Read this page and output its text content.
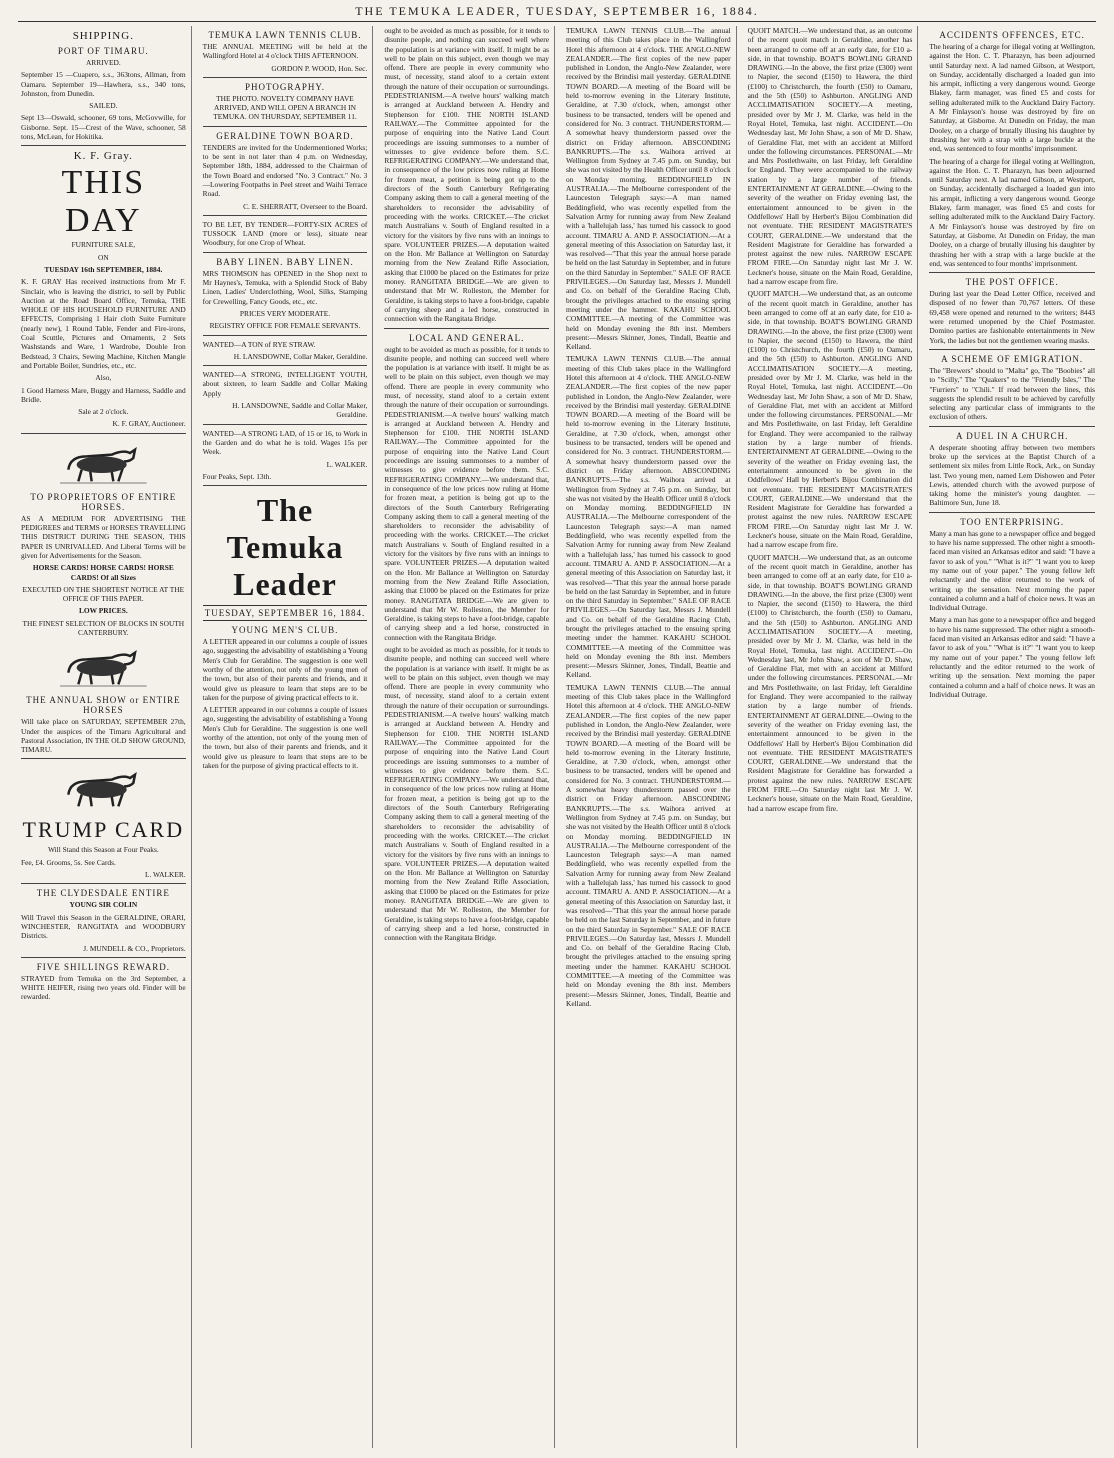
THE TEMUKA LEADER, TUESDAY, SEPTEMBER 16, 1884.
SHIPPING.
PORT OF TIMARU.
ARRIVED.

September 15 —Cuapero, s.s., 363tons, Allman, from Oamaru. September 19—Hawhera, s.s., 340 tons, Johnston, from Dunedin.

SAILED.

Sept 13—Oswald, schooner, 69 tons, McGovwille, for Gisborne. Sept. 15—Crest of the Wave, schooner, 58 tons, McLean, for Hokitika.

K. F. Gray.
THIS DAY
FURNITURE SALE,
ON
TUESDAY 16th SEPTEMBER, 1884.

K. F. GRAY Has received instructions from Mr F. Sinclair, who is leaving the district, to sell by Public Auction at the Road Board Office, Temuka, THE WHOLE OF HIS HOUSEHOLD FURNITURE AND EFFECTS, Comprising 1 Hair cloth Suite Furniture (nearly new), 1 Round Table, Fender and Fire-irons, Coal Scuttle, Pictures and Ornaments, 2 Sets Washstands and Ware, 1 Wardrobe, Double Iron Bedstead, 3 Chairs, Sewing Machine, Kitchen Mangle and Portable Boiler, Sundries, etc., etc.

Also,

1 Good Harness Mare, Buggy and Harness, Saddle and Bridle.

Sale at 2 o'clock.
K. F. GRAY, Auctioneer.
TO PROPRIETORS OF ENTIRE HORSES.

AS A MEDIUM FOR ADVERTISING THE PEDIGREES and TERMS or HORSES TRAVELLING THIS DISTRICT DURING THE SEASON, THIS PAPER IS UNRIVALLED. And Liberal Terms will be given for Advertisements for the Season.

HORSE CARDS! HORSE CARDS! HORSE CARDS! Of all Sizes
EXECUTED ON THE SHORTEST NOTICE AT THE OFFICE OF THIS PAPER.
LOW PRICES.
THE FINEST SELECTION OF BLOCKS IN SOUTH CANTERBURY.
THE ANNUAL SHOW or ENTIRE HORSES

Will take place on SATURDAY, SEPTEMBER 27th, Under the auspices of the Timaru Agricultural and Pastoral Association, IN THE OLD SHOW GROUND, TIMARU.

TRUMP CARD

Will Stand this Season at Four Peaks.

Fee, £4. Grooms, 5s. See Cards.

L. WALKER.
THE CLYDESDALE ENTIRE
YOUNG SIR COLIN

Will Travel this Season in the GERALDINE, ORARI, WINCHESTER, RANGITATA and WOODBURY Districts.

J. MUNDELL & CO., Proprietors.
FIVE SHILLINGS REWARD.

STRAYED from Temuka on the 3rd September, a WHITE HEIFER, rising two years old. Finder will be rewarded.

TEMUKA LAWN TENNIS CLUB.

THE ANNUAL MEETING will be held at the Wallingford Hotel at 4 o'clock THIS AFTERNOON.

GORDON P. WOOD, Hon. Sec.
PHOTOGRAPHY.

THE PHOTO. NOVELTY COMPANY HAVE ARRIVED, AND WILL OPEN A BRANCH IN TEMUKA. ON THURSDAY, SEPTEMBER 11.

GERALDINE TOWN BOARD.

TENDERS are invited for the Undermentioned Works; to be sent in not later than 4 p.m. on Wednesday, September 18th, 1884, addressed to the Chairman of the Town Board and endorsed "No. 3 Contract." No. 3—Lowering Footpaths in Peel street and Waihi Terrace Road.

C. E. SHERRATT, Overseer to the Board.

TO BE LET, BY TENDER—FORTY-SIX ACRES of TUSSOCK LAND (more or less), situate near Woodbury, for one Crop of Wheat.

BABY LINEN. BABY LINEN.

MRS THOMSON has OPENED in the Shop next to Mr Haynes's, Temuka, with a Splendid Stock of Baby Linen, Ladies' Underclothing, Wool, Silks, Stamping for Crewelling, Fancy Goods, etc., etc.

PRICES VERY MODERATE.
REGISTRY OFFICE FOR FEMALE SERVANTS.

WANTED—A TON of RYE STRAW.

H. LANSDOWNE, Collar Maker, Geraldine.

WANTED—A STRONG, INTELLIGENT YOUTH, about sixteen, to learn Saddle and Collar Making Apply

H. LANSDOWNE, Saddle and Collar Maker, Geraldine.

WANTED—A STRONG LAD, of 15 or 16, to Work in the Garden and do what he is told. Wages 15s per Week.

L. WALKER.
Four Peaks, Sept. 13th.
The Temuka Leader
TUESDAY, SEPTEMBER 16, 1884.
YOUNG MEN'S CLUB.

A LETTER appeared in our columns a couple of issues ago, suggesting the advisability of establishing a Young Men's Club for Geraldine. The suggestion is one well worthy of the attention, not only of the young men of the town, but also of their parents and friends, and it would give us pleasure to learn that steps are to be taken for the purpose of giving practical effects to it.

A LETTER appeared in our columns a couple of issues ago, suggesting the advisability of establishing a Young Men's Club for Geraldine. The suggestion is one well worthy of the attention, not only of the young men of the town, but also of their parents and friends, and it would give us pleasure to learn that steps are to be taken for the purpose of giving practical effects to it.

ought to be avoided as much as possible, for it tends to disunite people, and nothing can succeed well where the population is at variance with itself. It might be as well to be plain on this subject, even though we may offend. There are people in every community who must, of necessity, stand aloof to a certain extent through the nature of their occupation or surroundings. PEDESTRIANISM.—A twelve hours' walking match is arranged at Auckland between A. Hendry and Stephenson for £100. THE NORTH ISLAND RAILWAY.—The Committee appointed for the purpose of enquiring into the Native Land Court proceedings are issuing summonses to a number of witnesses to give evidence before them. S.C. REFRIGERATING COMPANY.—We understand that, in consequence of the low prices now ruling at Home for frozen meat, a petition is being got up to the directors of the South Canterbury Refrigerating Company asking them to call a general meeting of the shareholders to reconsider the advisability of proceeding with the works. CRICKET.—The cricket match Australians v. South of England resulted in a victory for the visitors by five runs with an innings to spare. VOLUNTEER PRIZES.—A deputation waited on the Hon. Mr Ballance at Wellington on Saturday morning from the New Zealand Rifle Association, asking that £1000 be placed on the Estimates for prize money. RANGITATA BRIDGE.—We are given to understand that Mr W. Rolleston, the Member for Geraldine, is taking steps to have a foot-bridge, capable of carrying sheep and a led horse, constructed in connection with the Rangitata Bridge.

LOCAL AND GENERAL.

ought to be avoided as much as possible, for it tends to disunite people, and nothing can succeed well where the population is at variance with itself. It might be as well to be plain on this subject, even though we may offend. There are people in every community who must, of necessity, stand aloof to a certain extent through the nature of their occupation or surroundings. PEDESTRIANISM.—A twelve hours' walking match is arranged at Auckland between A. Hendry and Stephenson for £100. THE NORTH ISLAND RAILWAY.—The Committee appointed for the purpose of enquiring into the Native Land Court proceedings are issuing summonses to a number of witnesses to give evidence before them. S.C. REFRIGERATING COMPANY.—We understand that, in consequence of the low prices now ruling at Home for frozen meat, a petition is being got up to the directors of the South Canterbury Refrigerating Company asking them to call a general meeting of the shareholders to reconsider the advisability of proceeding with the works. CRICKET.—The cricket match Australians v. South of England resulted in a victory for the visitors by five runs with an innings to spare. VOLUNTEER PRIZES.—A deputation waited on the Hon. Mr Ballance at Wellington on Saturday morning from the New Zealand Rifle Association, asking that £1000 be placed on the Estimates for prize money. RANGITATA BRIDGE.—We are given to understand that Mr W. Rolleston, the Member for Geraldine, is taking steps to have a foot-bridge, capable of carrying sheep and a led horse, constructed in connection with the Rangitata Bridge.

ought to be avoided as much as possible, for it tends to disunite people, and nothing can succeed well where the population is at variance with itself. It might be as well to be plain on this subject, even though we may offend. There are people in every community who must, of necessity, stand aloof to a certain extent through the nature of their occupation or surroundings. PEDESTRIANISM.—A twelve hours' walking match is arranged at Auckland between A. Hendry and Stephenson for £100. THE NORTH ISLAND RAILWAY.—The Committee appointed for the purpose of enquiring into the Native Land Court proceedings are issuing summonses to a number of witnesses to give evidence before them. S.C. REFRIGERATING COMPANY.—We understand that, in consequence of the low prices now ruling at Home for frozen meat, a petition is being got up to the directors of the South Canterbury Refrigerating Company asking them to call a general meeting of the shareholders to reconsider the advisability of proceeding with the works. CRICKET.—The cricket match Australians v. South of England resulted in a victory for the visitors by five runs with an innings to spare. VOLUNTEER PRIZES.—A deputation waited on the Hon. Mr Ballance at Wellington on Saturday morning from the New Zealand Rifle Association, asking that £1000 be placed on the Estimates for prize money. RANGITATA BRIDGE.—We are given to understand that Mr W. Rolleston, the Member for Geraldine, is taking steps to have a foot-bridge, capable of carrying sheep and a led horse, constructed in connection with the Rangitata Bridge.

TEMUKA LAWN TENNIS CLUB.—The annual meeting of this Club takes place in the Wallingford Hotel this afternoon at 4 o'clock. THE ANGLO-NEW ZEALANDER.—The first copies of the new paper published in London, the Anglo-New Zealander, were received by the Brindisi mail yesterday. GERALDINE TOWN BOARD.—A meeting of the Board will be held to-morrow evening in the Literary Institute, Geraldine, at 7.30 o'clock, when, amongst other business to be transacted, tenders will be opened and considered for No. 3 contract. THUNDERSTORM.—A somewhat heavy thunderstorm passed over the district on Friday afternoon. ABSCONDING BANKRUPTS.—The s.s. Waihora arrived at Wellington from Sydney at 7.45 p.m. on Sunday, but she was not visited by the Health Officer until 8 o'clock on Monday morning. BEDDINGFIELD IN AUSTRALIA.—The Melbourne correspondent of the Launceston Telegraph says:—A man named Beddingfield, who was recently expelled from the Salvation Army for running away from New Zealand with a 'hallelujah lass,' has turned his cassock to good account. TIMARU A. AND P. ASSOCIATION.—At a general meeting of this Association on Saturday last, it was resolved—"That this year the annual horse parade be held on the last Saturday in September, and in future on the third Saturday in September." SALE OF RACE PRIVILEGES.—On Saturday last, Messrs J. Mundell and Co. on behalf of the Geraldine Racing Club, brought the privileges attached to the ensuing spring meeting under the hammer. KAKAHU SCHOOL COMMITTEE.—A meeting of the Committee was held on Monday evening the 8th inst. Members present:—Messrs Skinner, Jones, Tindall, Beattie and Kelland.

TEMUKA LAWN TENNIS CLUB.—The annual meeting of this Club takes place in the Wallingford Hotel this afternoon at 4 o'clock. THE ANGLO-NEW ZEALANDER.—The first copies of the new paper published in London, the Anglo-New Zealander, were received by the Brindisi mail yesterday. GERALDINE TOWN BOARD.—A meeting of the Board will be held to-morrow evening in the Literary Institute, Geraldine, at 7.30 o'clock, when, amongst other business to be transacted, tenders will be opened and considered for No. 3 contract. THUNDERSTORM.—A somewhat heavy thunderstorm passed over the district on Friday afternoon. ABSCONDING BANKRUPTS.—The s.s. Waihora arrived at Wellington from Sydney at 7.45 p.m. on Sunday, but she was not visited by the Health Officer until 8 o'clock on Monday morning. BEDDINGFIELD IN AUSTRALIA.—The Melbourne correspondent of the Launceston Telegraph says:—A man named Beddingfield, who was recently expelled from the Salvation Army for running away from New Zealand with a 'hallelujah lass,' has turned his cassock to good account. TIMARU A. AND P. ASSOCIATION.—At a general meeting of this Association on Saturday last, it was resolved—"That this year the annual horse parade be held on the last Saturday in September, and in future on the third Saturday in September." SALE OF RACE PRIVILEGES.—On Saturday last, Messrs J. Mundell and Co. on behalf of the Geraldine Racing Club, brought the privileges attached to the ensuing spring meeting under the hammer. KAKAHU SCHOOL COMMITTEE.—A meeting of the Committee was held on Monday evening the 8th inst. Members present:—Messrs Skinner, Jones, Tindall, Beattie and Kelland.

TEMUKA LAWN TENNIS CLUB.—The annual meeting of this Club takes place in the Wallingford Hotel this afternoon at 4 o'clock. THE ANGLO-NEW ZEALANDER.—The first copies of the new paper published in London, the Anglo-New Zealander, were received by the Brindisi mail yesterday. GERALDINE TOWN BOARD.—A meeting of the Board will be held to-morrow evening in the Literary Institute, Geraldine, at 7.30 o'clock, when, amongst other business to be transacted, tenders will be opened and considered for No. 3 contract. THUNDERSTORM.—A somewhat heavy thunderstorm passed over the district on Friday afternoon. ABSCONDING BANKRUPTS.—The s.s. Waihora arrived at Wellington from Sydney at 7.45 p.m. on Sunday, but she was not visited by the Health Officer until 8 o'clock on Monday morning. BEDDINGFIELD IN AUSTRALIA.—The Melbourne correspondent of the Launceston Telegraph says:—A man named Beddingfield, who was recently expelled from the Salvation Army for running away from New Zealand with a 'hallelujah lass,' has turned his cassock to good account. TIMARU A. AND P. ASSOCIATION.—At a general meeting of this Association on Saturday last, it was resolved—"That this year the annual horse parade be held on the last Saturday in September, and in future on the third Saturday in September." SALE OF RACE PRIVILEGES.—On Saturday last, Messrs J. Mundell and Co. on behalf of the Geraldine Racing Club, brought the privileges attached to the ensuing spring meeting under the hammer. KAKAHU SCHOOL COMMITTEE.—A meeting of the Committee was held on Monday evening the 8th inst. Members present:—Messrs Skinner, Jones, Tindall, Beattie and Kelland.

QUOIT MATCH.—We understand that, as an outcome of the recent quoit match in Geraldine, another has been arranged to come off at an early date, for £10 a-side, in that township. BOAT'S BOWLING GRAND DRAWING.—In the above, the first prize (£300) went to Napier, the second (£150) to Hawera, the third (£100) to Christchurch, the fourth (£50) to Oamaru, and the 5th (£50) to Ashburton. ANGLING AND ACCLIMATISATION SOCIETY.—A meeting, presided over by Mr J. M. Clarke, was held in the Royal Hotel, Temuka, last night. ACCIDENT.—On Wednesday last, Mr John Shaw, a son of Mr D. Shaw, of Geraldine Flat, met with an accident at Milford under the following circumstances. PERSONAL.—Mr and Mrs Postlethwaite, on last Friday, left Geraldine for England. They were accompanied to the railway station by a large number of friends. ENTERTAINMENT AT GERALDINE.—Owing to the severity of the weather on Friday evening last, the entertainment announced to be given in the Oddfellows' Hall by Herbert's Bijou Combination did not eventuate. THE RESIDENT MAGISTRATE'S COURT, GERALDINE.—We understand that the Resident Magistrate for Geraldine has forwarded a protest against the new rules. NARROW ESCAPE FROM FIRE.—On Saturday night last Mr J. W. Leckner's house, situate on the Main Road, Geraldine, had a narrow escape from fire.

QUOIT MATCH.—We understand that, as an outcome of the recent quoit match in Geraldine, another has been arranged to come off at an early date, for £10 a-side, in that township. BOAT'S BOWLING GRAND DRAWING.—In the above, the first prize (£300) went to Napier, the second (£150) to Hawera, the third (£100) to Christchurch, the fourth (£50) to Oamaru, and the 5th (£50) to Ashburton. ANGLING AND ACCLIMATISATION SOCIETY.—A meeting, presided over by Mr J. M. Clarke, was held in the Royal Hotel, Temuka, last night. ACCIDENT.—On Wednesday last, Mr John Shaw, a son of Mr D. Shaw, of Geraldine Flat, met with an accident at Milford under the following circumstances. PERSONAL.—Mr and Mrs Postlethwaite, on last Friday, left Geraldine for England. They were accompanied to the railway station by a large number of friends. ENTERTAINMENT AT GERALDINE.—Owing to the severity of the weather on Friday evening last, the entertainment announced to be given in the Oddfellows' Hall by Herbert's Bijou Combination did not eventuate. THE RESIDENT MAGISTRATE'S COURT, GERALDINE.—We understand that the Resident Magistrate for Geraldine has forwarded a protest against the new rules. NARROW ESCAPE FROM FIRE.—On Saturday night last Mr J. W. Leckner's house, situate on the Main Road, Geraldine, had a narrow escape from fire.

QUOIT MATCH.—We understand that, as an outcome of the recent quoit match in Geraldine, another has been arranged to come off at an early date, for £10 a-side, in that township. BOAT'S BOWLING GRAND DRAWING.—In the above, the first prize (£300) went to Napier, the second (£150) to Hawera, the third (£100) to Christchurch, the fourth (£50) to Oamaru, and the 5th (£50) to Ashburton. ANGLING AND ACCLIMATISATION SOCIETY.—A meeting, presided over by Mr J. M. Clarke, was held in the Royal Hotel, Temuka, last night. ACCIDENT.—On Wednesday last, Mr John Shaw, a son of Mr D. Shaw, of Geraldine Flat, met with an accident at Milford under the following circumstances. PERSONAL.—Mr and Mrs Postlethwaite, on last Friday, left Geraldine for England. They were accompanied to the railway station by a large number of friends. ENTERTAINMENT AT GERALDINE.—Owing to the severity of the weather on Friday evening last, the entertainment announced to be given in the Oddfellows' Hall by Herbert's Bijou Combination did not eventuate. THE RESIDENT MAGISTRATE'S COURT, GERALDINE.—We understand that the Resident Magistrate for Geraldine has forwarded a protest against the new rules. NARROW ESCAPE FROM FIRE.—On Saturday night last Mr J. W. Leckner's house, situate on the Main Road, Geraldine, had a narrow escape from fire.

ACCIDENTS OFFENCES, ETC.

The hearing of a charge for illegal voting at Wellington, against the Hon. C. T. Pharazyn, has been adjourned until Saturday next. A lad named Gibson, at Westport, on Sunday, accidentally discharged a loaded gun into his armpit, inflicting a very dangerous wound. George Blakey, farm manager, was fined £5 and costs for selling adulterated milk to the Auckland Dairy Factory. A Mr Finlayson's house was destroyed by fire on Saturday, at Gisborne. At Dunedin on Friday, the man Dooley, on a charge of brutally illusing his daughter by thrashing her with a strap with a large buckle at the end, was sentenced to four months' imprisonment.

The hearing of a charge for illegal voting at Wellington, against the Hon. C. T. Pharazyn, has been adjourned until Saturday next. A lad named Gibson, at Westport, on Sunday, accidentally discharged a loaded gun into his armpit, inflicting a very dangerous wound. George Blakey, farm manager, was fined £5 and costs for selling adulterated milk to the Auckland Dairy Factory. A Mr Finlayson's house was destroyed by fire on Saturday, at Gisborne. At Dunedin on Friday, the man Dooley, on a charge of brutally illusing his daughter by thrashing her with a strap with a large buckle at the end, was sentenced to four months' imprisonment.

THE POST OFFICE.

During last year the Dead Letter Office, received and disposed of no fewer than 70,767 letters. Of these 69,458 were opened and returned to the writers; 8443 were returned unopened by the Chief Postmaster. Domino parties are fashionable entertainments in New York, the ladies but not the gentlemen wearing masks.

A SCHEME OF EMIGRATION.

The "Brewers" should to "Malta" go, The "Boobies" all to "Scilly," The "Quakers" to the "Friendly Isles," The "Furriers" to "Chili." If read between the lines, this suggests the splendid result to be achieved by carefully selecting any particular class of immigrants to the exclusion of others.

A DUEL IN A CHURCH.

A desperate shooting affray between two members broke up the services at the Baptist Church of a settlement six miles from Little Rock, Ark., on Sunday last. Two young men, named Lem Dishowen and Peter Lewis, attended church with the avowed purpose of taking home the minister's young daughter. —Baltimore Sun, June 18.

TOO ENTERPRISING.

Many a man has gone to a newspaper office and begged to have his name suppressed. The other night a smooth-faced man visited an Arkansas editor and said: "I have a favor to ask of you." "What is it?" "I want you to keep my name out of your paper." The young fellow left reluctantly and the editor returned to the work of writing up the sensation. Next morning the paper contained a column and a half of choice news. It was an Individual Outrage.

Many a man has gone to a newspaper office and begged to have his name suppressed. The other night a smooth-faced man visited an Arkansas editor and said: "I have a favor to ask of you." "What is it?" "I want you to keep my name out of your paper." The young fellow left reluctantly and the editor returned to the work of writing up the sensation. Next morning the paper contained a column and a half of choice news. It was an Individual Outrage.
